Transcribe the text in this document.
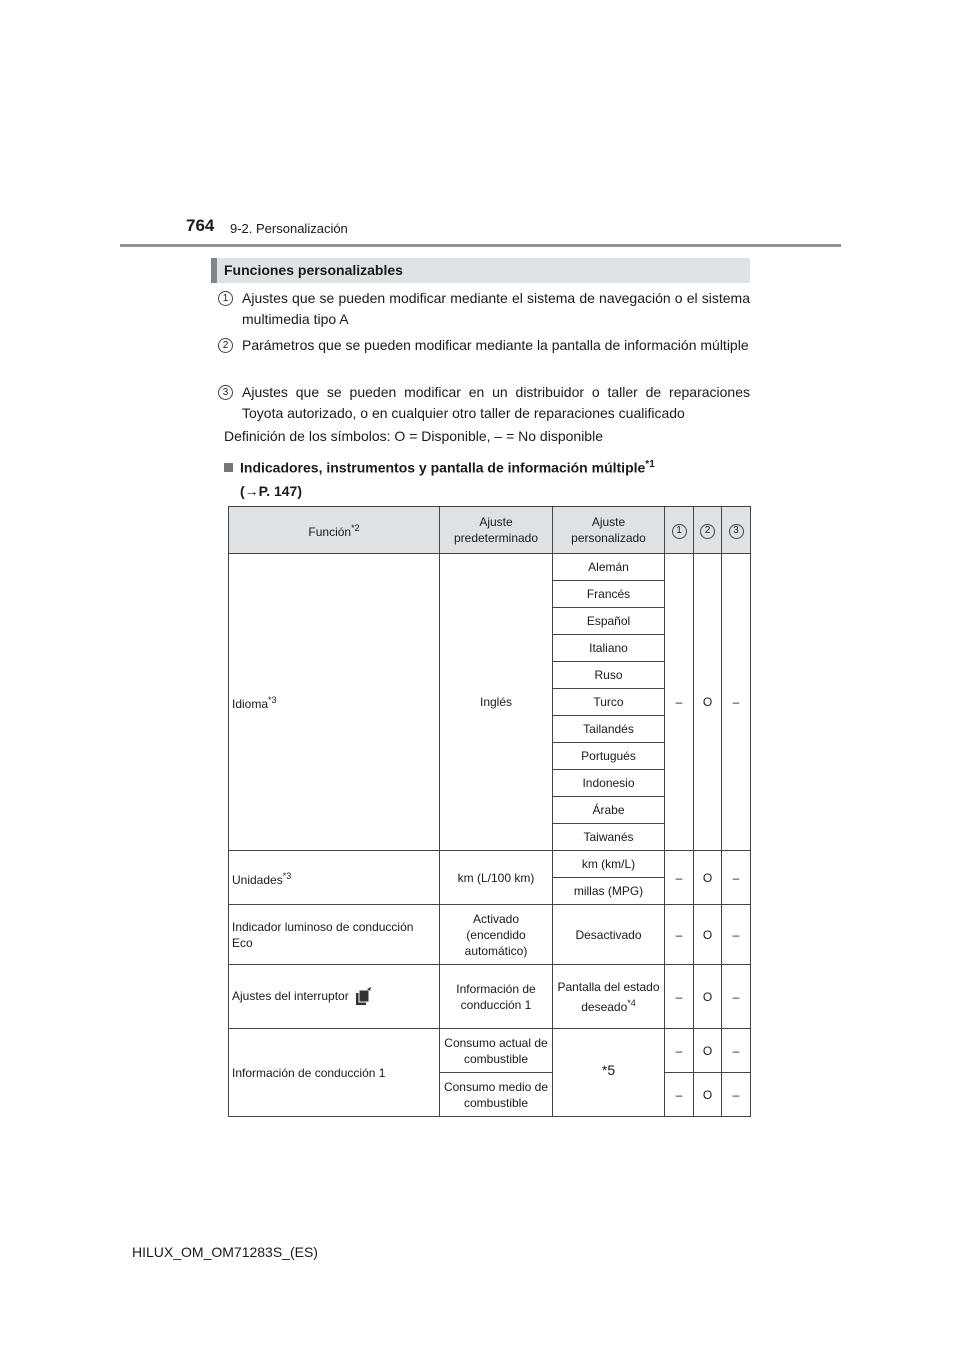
764 9-2. Personalización
Funciones personalizables
1 Ajustes que se pueden modificar mediante el sistema de navegación o el sistema multimedia tipo A
2 Parámetros que se pueden modificar mediante la pantalla de información múltiple
3 Ajustes que se pueden modificar en un distribuidor o taller de reparaciones Toyota autorizado, o en cualquier otro taller de reparaciones cualificado
Definición de los símbolos: O = Disponible, – = No disponible
Indicadores, instrumentos y pantalla de información múltiple$^{*1}$
(→P. 147)
Función$^{*2}$	Ajuste predeterminado	Ajuste personalizado	1	2	3
Idioma$^{*3}$	Inglés	Alemán	–	O	–
		Francés			
		Español			
		Italiano			
		Ruso			
		Turco			
		Tailandés			
		Portugués			
		Indonesio			
		Árabe			
		Taiwanés			
Unidades$^{*3}$	km (L/100 km)	km (km/L)	–	O	–
		millas (MPG)			
Indicador luminoso de conducción Eco	Activado (encendido automático)	Desactivado	–	O	–
Ajustes del interruptor	Información de conducción 1	Pantalla del estado deseado$^{*4}$	–	O	–
Información de conducción 1	Consumo actual de combustible	$^{*5}$	–	O	–
	Consumo medio de combustible		–	O	–
HILUX_OM_OM71283S_(ES)
